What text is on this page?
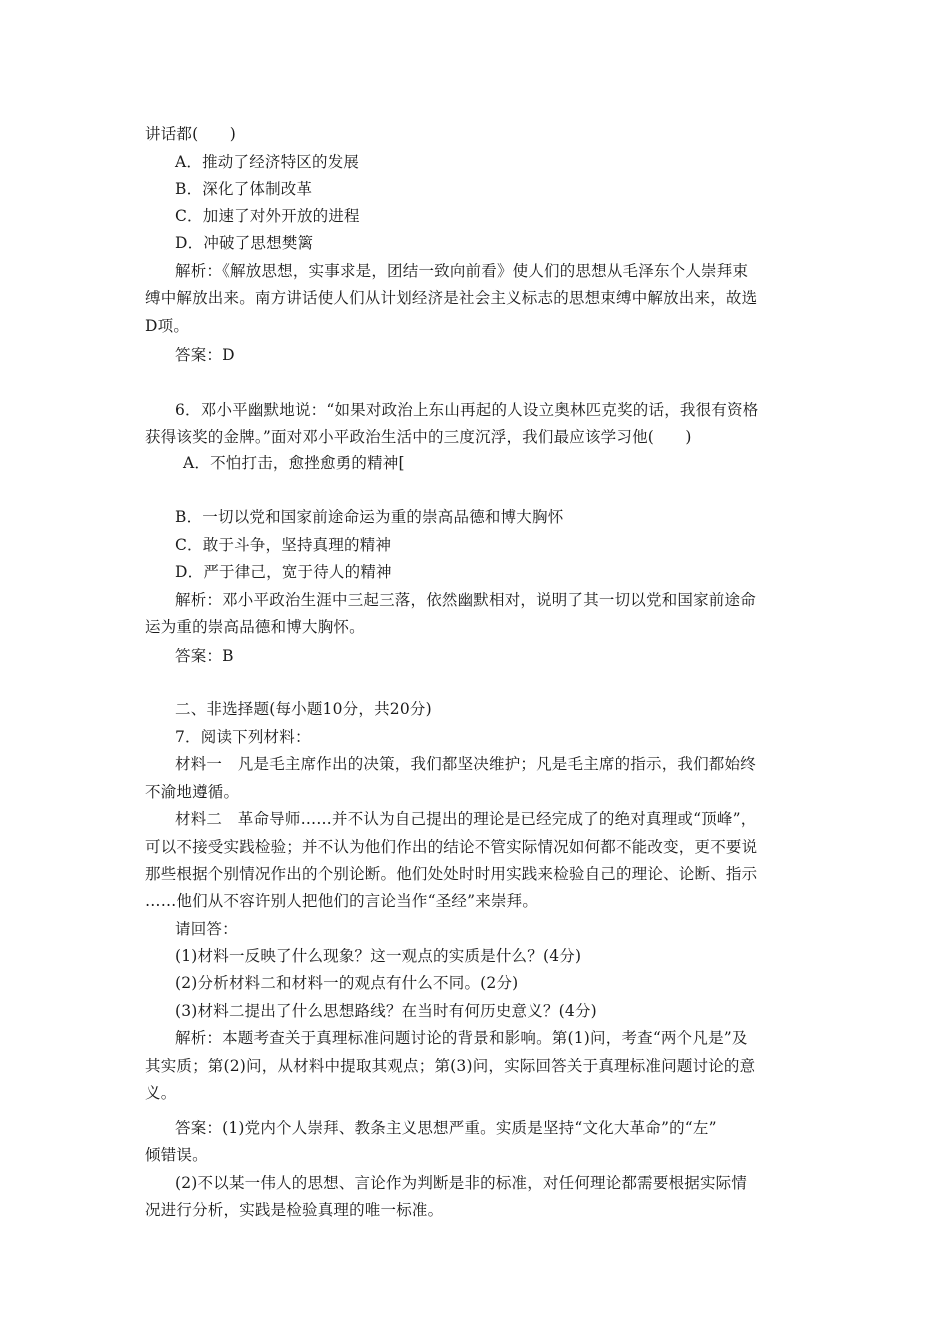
讲话都(　　)
A．推动了经济特区的发展
B．深化了体制改革
C．加速了对外开放的进程
D．冲破了思想樊篱
解析：《解放思想，实事求是，团结一致向前看》使人们的思想从毛泽东个人崇拜束
缚中解放出来。南方讲话使人们从计划经济是社会主义标志的思想束缚中解放出来，故选
D项。
答案：D
6．邓小平幽默地说：“如果对政治上东山再起的人设立奥林匹克奖的话，我很有资格
获得该奖的金牌。”面对邓小平政治生活中的三度沉浮，我们最应该学习他(　　)
A．不怕打击，愈挫愈勇的精神[
B．一切以党和国家前途命运为重的崇高品德和博大胸怀
C．敢于斗争，坚持真理的精神
D．严于律己，宽于待人的精神
解析：邓小平政治生涯中三起三落，依然幽默相对，说明了其一切以党和国家前途命
运为重的崇高品德和博大胸怀。
答案：B
二、非选择题(每小题10分，共20分)
7．阅读下列材料：
材料一　凡是毛主席作出的决策，我们都坚决维护；凡是毛主席的指示，我们都始终
不渝地遵循。
材料二　革命导师……并不认为自己提出的理论是已经完成了的绝对真理或“顶峰”，
可以不接受实践检验；并不认为他们作出的结论不管实际情况如何都不能改变，更不要说
那些根据个别情况作出的个别论断。他们处处时时用实践来检验自己的理论、论断、指示
……他们从不容许别人把他们的言论当作“圣经”来崇拜。
请回答：
(1)材料一反映了什么现象？这一观点的实质是什么？(4分)
(2)分析材料二和材料一的观点有什么不同。(2分)
(3)材料二提出了什么思想路线？在当时有何历史意义？(4分)
解析：本题考查关于真理标准问题讨论的背景和影响。第(1)问，考查“两个凡是”及
其实质；第(2)问，从材料中提取其观点；第(3)问，实际回答关于真理标准问题讨论的意
义。
答案：(1)党内个人崇拜、教条主义思想严重。实质是坚持“文化大革命”的“左”
倾错误。
(2)不以某一伟人的思想、言论作为判断是非的标准，对任何理论都需要根据实际情
况进行分析，实践是检验真理的唯一标准。
